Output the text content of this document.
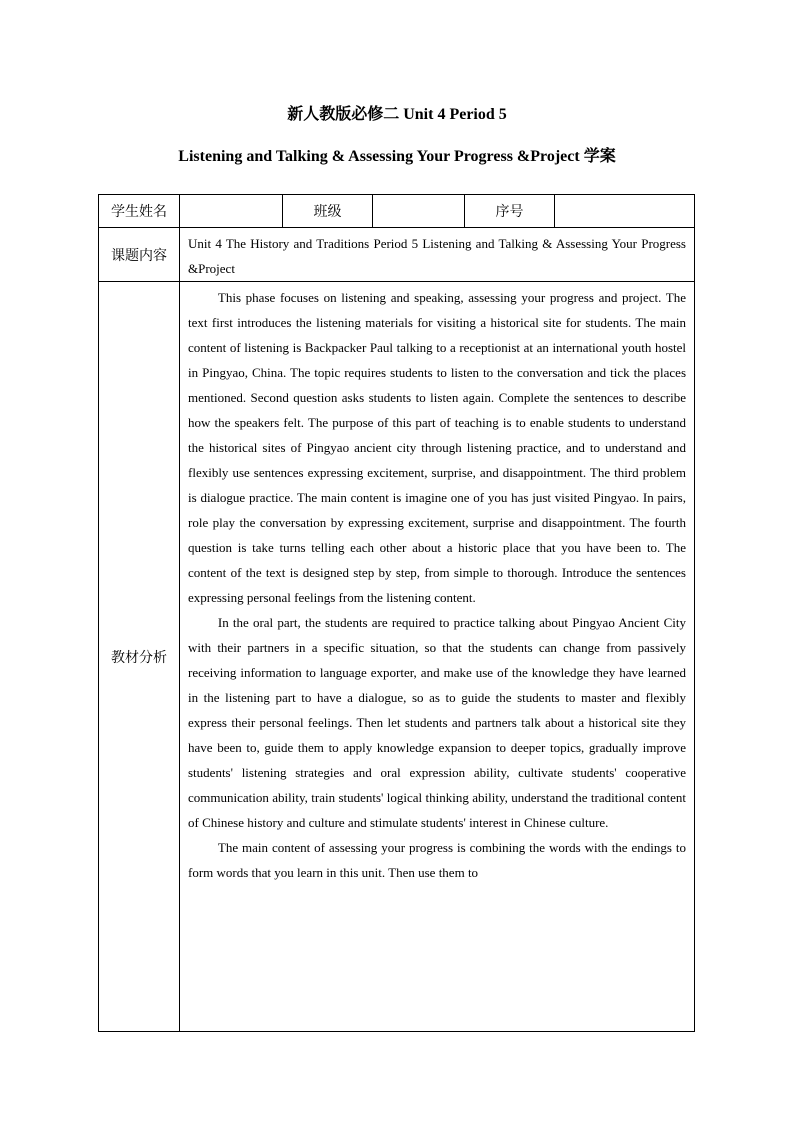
新人教版必修二 Unit 4 Period 5
Listening and Talking & Assessing Your Progress &Project 学案
学生姓名		班级		序号	
课题内容	Unit 4 The History and Traditions Period 5 Listening and Talking & Assessing Your Progress &Project				
教材分析	This phase focuses on listening and speaking, assessing your progress and project. The text first introduces the listening materials for visiting a historical site for students. The main content of listening is Backpacker Paul talking to a receptionist at an international youth hostel in Pingyao, China. The topic requires students to listen to the conversation and tick the places mentioned. Second question asks students to listen again. Complete the sentences to describe how the speakers felt. The purpose of this part of teaching is to enable students to understand the historical sites of Pingyao ancient city through listening practice, and to understand and flexibly use sentences expressing excitement, surprise, and disappointment. The third problem is dialogue practice. The main content is imagine one of you has just visited Pingyao. In pairs, role play the conversation by expressing excitement, surprise and disappointment. The fourth question is take turns telling each other about a historic place that you have been to. The content of the text is designed step by step, from simple to thorough. Introduce the sentences expressing personal feelings from the listening content.

In the oral part, the students are required to practice talking about Pingyao Ancient City with their partners in a specific situation, so that the students can change from passively receiving information to language exporter, and make use of the knowledge they have learned in the listening part to have a dialogue, so as to guide the students to master and flexibly express their personal feelings. Then let students and partners talk about a historical site they have been to, guide them to apply knowledge expansion to deeper topics, gradually improve students' listening strategies and oral expression ability, cultivate students' cooperative communication ability, train students' logical thinking ability, understand the traditional content of Chinese history and culture and stimulate students' interest in Chinese culture.

The main content of assessing your progress is combining the words with the endings to form words that you learn in this unit. Then use them to				
